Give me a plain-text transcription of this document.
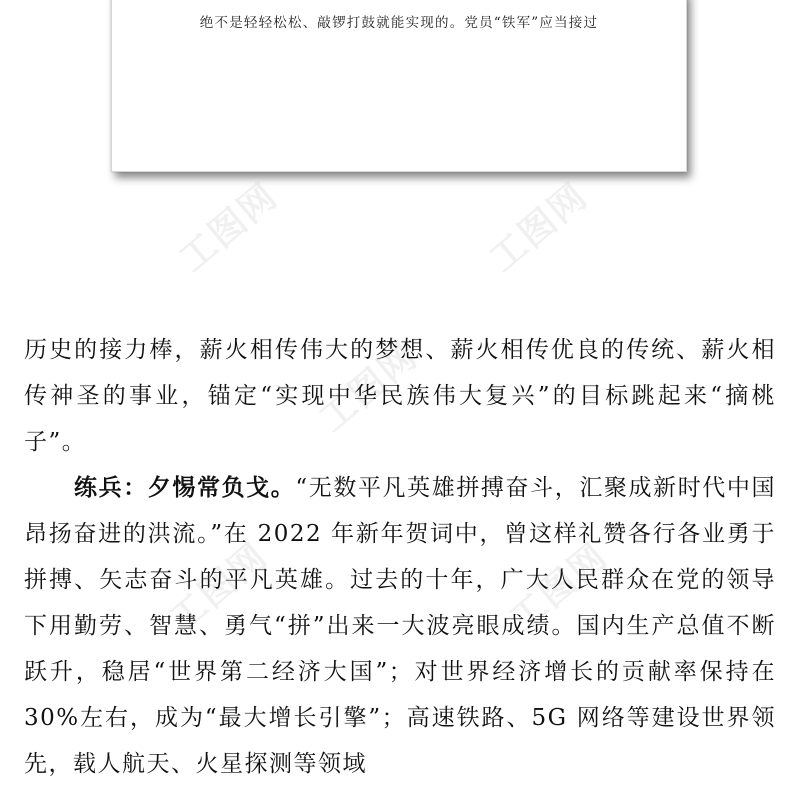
绝不是轻轻松松、敲锣打鼓就能实现的。党员“铁军”应当接过
工图网	工图网
工图网
工图网
工图网

历史的接力棒，薪火相传伟大的梦想、薪火相传优良的传统、薪火相传神圣的事业，锚定“实现中华民族伟大复兴”的目标跳起来“摘桃子”。

练兵：夕惕常负戈。“无数平凡英雄拼搏奋斗，汇聚成新时代中国昂扬奋进的洪流。”在 2022 年新年贺词中，曾这样礼赞各行各业勇于拼搏、矢志奋斗的平凡英雄。过去的十年，广大人民群众在党的领导下用勤劳、智慧、勇气“拼”出来一大波亮眼成绩。国内生产总值不断跃升，稳居“世界第二经济大国”；对世界经济增长的贡献率保持在30%左右，成为“最大增长引擎”；高速铁路、5G 网络等建设世界领先，载人航天、火星探测等领域
